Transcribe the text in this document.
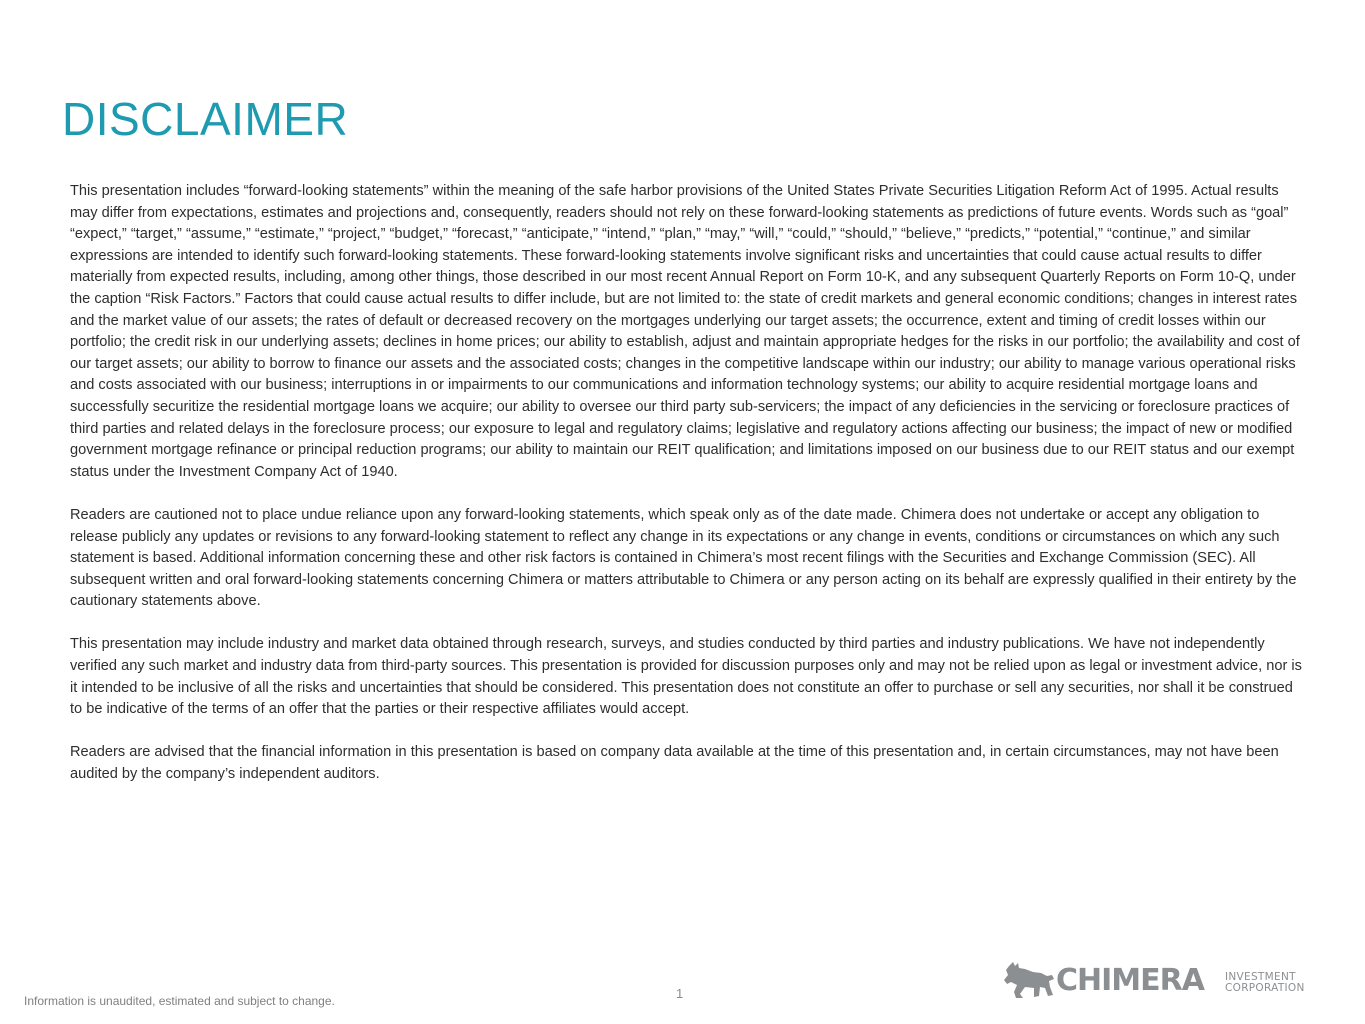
DISCLAIMER

This presentation includes “forward-looking statements” within the meaning of the safe harbor provisions of the United States Private Securities Litigation Reform Act of 1995. Actual results may differ from expectations, estimates and projections and, consequently, readers should not rely on these forward-looking statements as predictions of future events. Words such as “goal” “expect,” “target,” “assume,” “estimate,” “project,” “budget,” “forecast,” “anticipate,” “intend,” “plan,” “may,” “will,” “could,” “should,” “believe,” “predicts,” “potential,” “continue,” and similar expressions are intended to identify such forward-looking statements. These forward-looking statements involve significant risks and uncertainties that could cause actual results to differ materially from expected results, including, among other things, those described in our most recent Annual Report on Form 10-K, and any subsequent Quarterly Reports on Form 10-Q, under the caption “Risk Factors.” Factors that could cause actual results to differ include, but are not limited to: the state of credit markets and general economic conditions; changes in interest rates and the market value of our assets; the rates of default or decreased recovery on the mortgages underlying our target assets; the occurrence, extent and timing of credit losses within our portfolio; the credit risk in our underlying assets; declines in home prices; our ability to establish, adjust and maintain appropriate hedges for the risks in our portfolio; the availability and cost of our target assets; our ability to borrow to finance our assets and the associated costs; changes in the competitive landscape within our industry; our ability to manage various operational risks and costs associated with our business; interruptions in or impairments to our communications and information technology systems; our ability to acquire residential mortgage loans and successfully securitize the residential mortgage loans we acquire; our ability to oversee our third party sub-servicers; the impact of any deficiencies in the servicing or foreclosure practices of third parties and related delays in the foreclosure process; our exposure to legal and regulatory claims; legislative and regulatory actions affecting our business; the impact of new or modified government mortgage refinance or principal reduction programs; our ability to maintain our REIT qualification; and limitations imposed on our business due to our REIT status and our exempt status under the Investment Company Act of 1940.

Readers are cautioned not to place undue reliance upon any forward-looking statements, which speak only as of the date made. Chimera does not undertake or accept any obligation to release publicly any updates or revisions to any forward-looking statement to reflect any change in its expectations or any change in events, conditions or circumstances on which any such statement is based. Additional information concerning these and other risk factors is contained in Chimera’s most recent filings with the Securities and Exchange Commission (SEC). All subsequent written and oral forward-looking statements concerning Chimera or matters attributable to Chimera or any person acting on its behalf are expressly qualified in their entirety by the cautionary statements above.

This presentation may include industry and market data obtained through research, surveys, and studies conducted by third parties and industry publications. We have not independently verified any such market and industry data from third-party sources. This presentation is provided for discussion purposes only and may not be relied upon as legal or investment advice, nor is it intended to be inclusive of all the risks and uncertainties that should be considered. This presentation does not constitute an offer to purchase or sell any securities, nor shall it be construed to be indicative of the terms of an offer that the parties or their respective affiliates would accept.

Readers are advised that the financial information in this presentation is based on company data available at the time of this presentation and, in certain circumstances, may not have been audited by the company’s independent auditors.

Information is unaudited, estimated and subject to change.	1	CHIMERA INVESTMENT
CORPORATION
